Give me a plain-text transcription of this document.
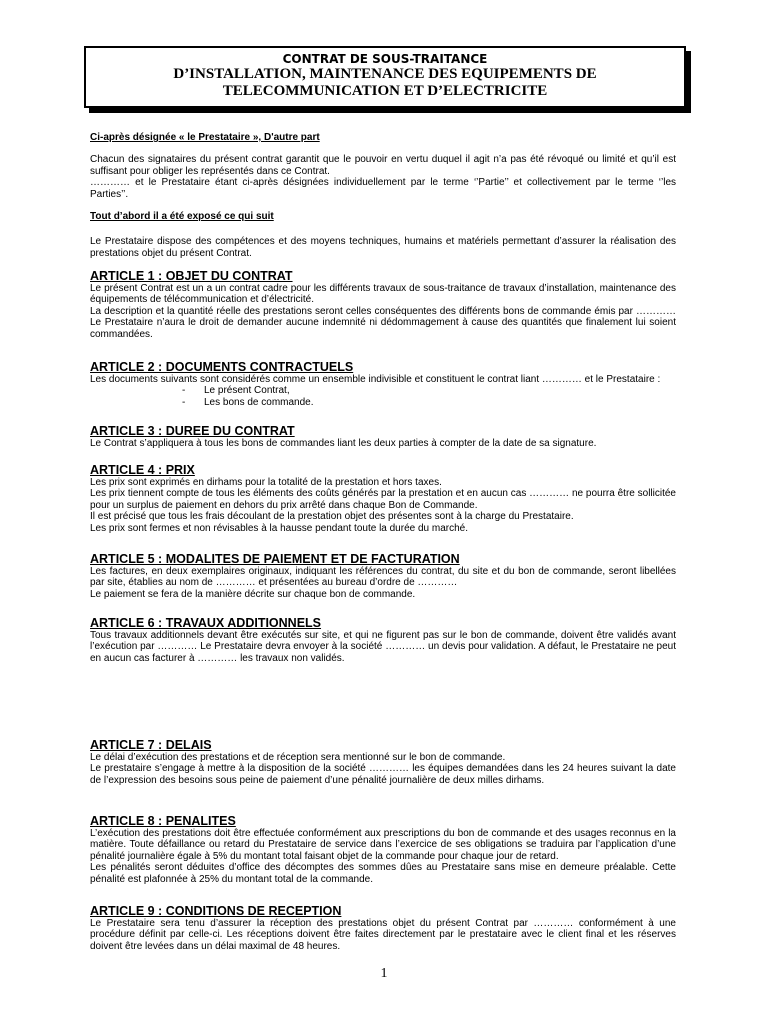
CONTRAT DE SOUS-TRAITANCE
D’INSTALLATION, MAINTENANCE DES EQUIPEMENTS DE
TELECOMMUNICATION ET D’ELECTRICITE

Ci-après désignée « le Prestataire », D'autre part

Chacun des signataires du présent contrat garantit que le pouvoir en vertu duquel il agit n’a pas été révoqué ou limité et qu’il est suffisant pour obliger les représentés dans ce Contrat.

………… et le Prestataire étant ci-après désignées individuellement par le terme ‘’Partie’’ et collectivement par le terme ‘’les Parties’’.

Tout d’abord il a été exposé ce qui suit

Le Prestataire dispose des compétences et des moyens techniques, humains et matériels permettant d’assurer la réalisation des prestations objet du présent Contrat.

ARTICLE 1 : OBJET DU CONTRAT

Le présent Contrat est un a un contrat cadre pour les différents travaux de sous-traitance de travaux d’installation, maintenance des équipements de télécommunication et d’électricité.

La description et la quantité réelle des prestations seront celles conséquentes des différents bons de commande émis par ………… Le Prestataire n’aura le droit de demander aucune indemnité ni dédommagement à cause des quantités que finalement lui soient commandées.

ARTICLE 2 : DOCUMENTS CONTRACTUELS

Les documents suivants sont considérés comme un ensemble indivisible et constituent le contrat liant ………… et le Prestataire :

- Le présent Contrat,

- Les bons de commande.

ARTICLE 3 : DUREE DU CONTRAT

Le Contrat s’appliquera à tous les bons de commandes liant les deux parties à compter de la date de sa signature.

ARTICLE 4 : PRIX

Les prix sont exprimés en dirhams pour la totalité de la prestation et hors taxes.

Les prix tiennent compte de tous les éléments des coûts générés par la prestation et en aucun cas ………… ne pourra être sollicitée pour un surplus de paiement en dehors du prix arrêté dans chaque Bon de Commande.

Il est précisé que tous les frais découlant de la prestation objet des présentes sont à la charge du Prestataire.

Les prix sont fermes et non révisables à la hausse pendant toute la durée du marché.

ARTICLE 5 : MODALITES DE PAIEMENT ET DE FACTURATION

Les factures, en deux exemplaires originaux, indiquant les références du contrat, du site et du bon de commande, seront libellées par site, établies au nom de ………… et présentées au bureau d’ordre de …………

Le paiement se fera de la manière décrite sur chaque bon de commande.

ARTICLE 6 : TRAVAUX ADDITIONNELS

Tous travaux additionnels devant être exécutés sur site, et qui ne figurent pas sur le bon de commande, doivent être validés avant l’exécution par ………… Le Prestataire devra envoyer à la société ………… un devis pour validation. A défaut, le Prestataire ne peut en aucun cas facturer à ………… les travaux non validés.

ARTICLE 7 : DELAIS

Le délai d’exécution des prestations et de réception sera mentionné sur le bon de commande.

Le prestataire s’engage à mettre à la disposition de la société ………… les équipes demandées dans les 24 heures suivant la date de l’expression des besoins sous peine de paiement d’une pénalité journalière de deux milles dirhams.

ARTICLE 8 : PENALITES

L’exécution des prestations doit être effectuée conformément aux prescriptions du bon de commande et des usages reconnus en la matière. Toute défaillance ou retard du Prestataire de service dans l’exercice de ses obligations se traduira par l’application d’une pénalité journalière égale à 5% du montant total faisant objet de la commande pour chaque jour de retard.

Les pénalités seront déduites d’office des décomptes des sommes dûes au Prestataire sans mise en demeure préalable. Cette pénalité est plafonnée à 25% du montant total de la commande.

ARTICLE 9 : CONDITIONS DE RECEPTION

Le Prestataire sera tenu d’assurer la réception des prestations objet du présent Contrat par ………… conformément à une procédure définit par celle-ci. Les réceptions doivent être faites directement par le prestataire avec le client final et les réserves doivent être levées dans un délai maximal de 48 heures.

1
